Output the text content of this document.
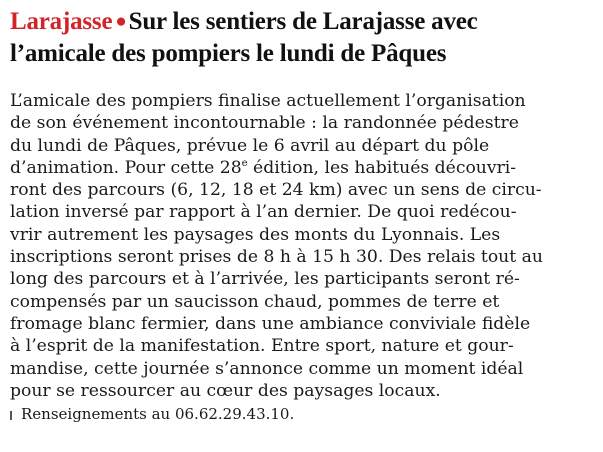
Larajasse ●Sur les sentiers de Larajasse avec
l’amicale des pompiers le lundi de Pâques
L’amicale des pompiers finalise actuellement l’organisation
de son événement incontournable : la randonnée pédestre
du lundi de Pâques, prévue le 6 avril au départ du pôle
d’animation. Pour cette 28e édition, les habitués découvri-
ront des parcours (6, 12, 18 et 24 km) avec un sens de circu-
lation inversé par rapport à l’an dernier. De quoi redécou-
vrir autrement les paysages des monts du Lyonnais. Les
inscriptions seront prises de 8 h à 15 h 30. Des relais tout au
long des parcours et à l’arrivée, les participants seront ré-
compensés par un saucisson chaud, pommes de terre et
fromage blanc fermier, dans une ambiance conviviale fidèle
à l’esprit de la manifestation. Entre sport, nature et gour-
mandise, cette journée s’annonce comme un moment idéal
pour se ressourcer au cœur des paysages locaux.
Renseignements au 06.62.29.43.10.
